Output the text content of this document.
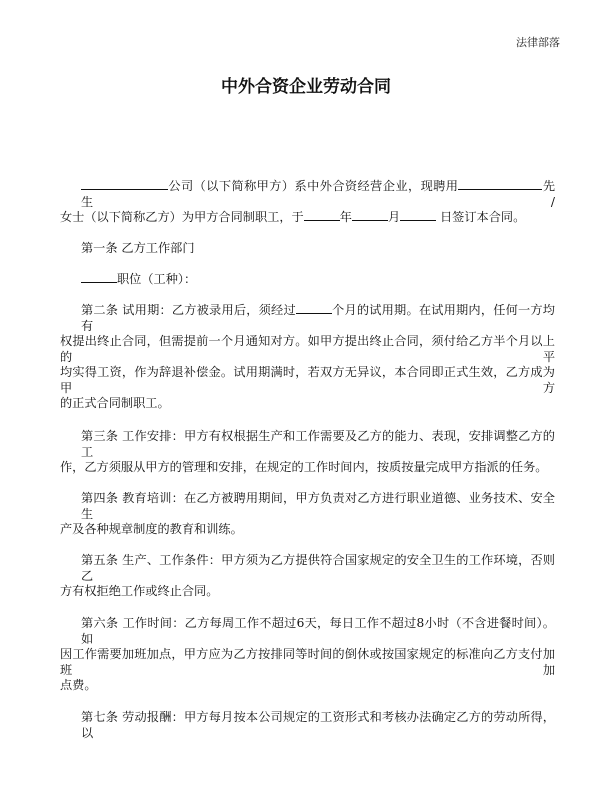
法律部落
中外合资企业劳动合同
公司（以下简称甲方）系中外合资经营企业，现聘用	先生/
女士（以下简称乙方）为甲方合同制职工，于	年	月	日签订本合同。
第一条 乙方工作部门
职位（工种）：
第二条 试用期：乙方被录用后，须经过	个月的试用期。在试用期内，任何一方均有
权提出终止合同，但需提前一个月通知对方。如甲方提出终止合同，须付给乙方半个月以上的平
均实得工资，作为辞退补偿金。试用期满时，若双方无异议，本合同即正式生效，乙方成为甲方
的正式合同制职工。
第三条 工作安排：甲方有权根据生产和工作需要及乙方的能力、表现，安排调整乙方的工
作，乙方须服从甲方的管理和安排，在规定的工作时间内，按质按量完成甲方指派的任务。
第四条 教育培训：在乙方被聘用期间，甲方负责对乙方进行职业道德、业务技术、安全生
产及各种规章制度的教育和训练。
第五条 生产、工作条件：甲方须为乙方提供符合国家规定的安全卫生的工作环境，否则乙
方有权拒绝工作或终止合同。
第六条 工作时间：乙方每周工作不超过6天，每日工作不超过8小时（不含进餐时间）。如
因工作需要加班加点，甲方应为乙方按排同等时间的倒休或按国家规定的标准向乙方支付加班加
点费。
第七条 劳动报酬：甲方每月按本公司规定的工资形式和考核办法确定乙方的劳动所得，以
